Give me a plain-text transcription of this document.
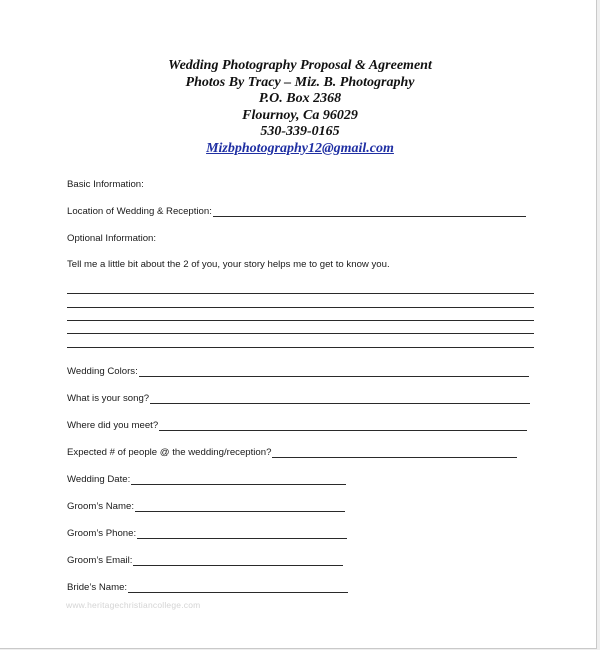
Wedding Photography Proposal & Agreement
Photos By Tracy – Miz. B. Photography
P.O. Box 2368
Flournoy, Ca 96029
530-339-0165
Mizbphotography12@gmail.com
Basic Information:
Location of Wedding & Reception:
Optional Information:
Tell me a little bit about the 2 of you, your story helps me to get to know you.
Wedding Colors:
What is your song?
Where did you meet?
Expected # of people @ the wedding/reception?
Wedding Date:
Groom’s Name:
Groom’s Phone:
Groom’s Email:
Bride’s Name:
www.heritagechristiancollege.com
